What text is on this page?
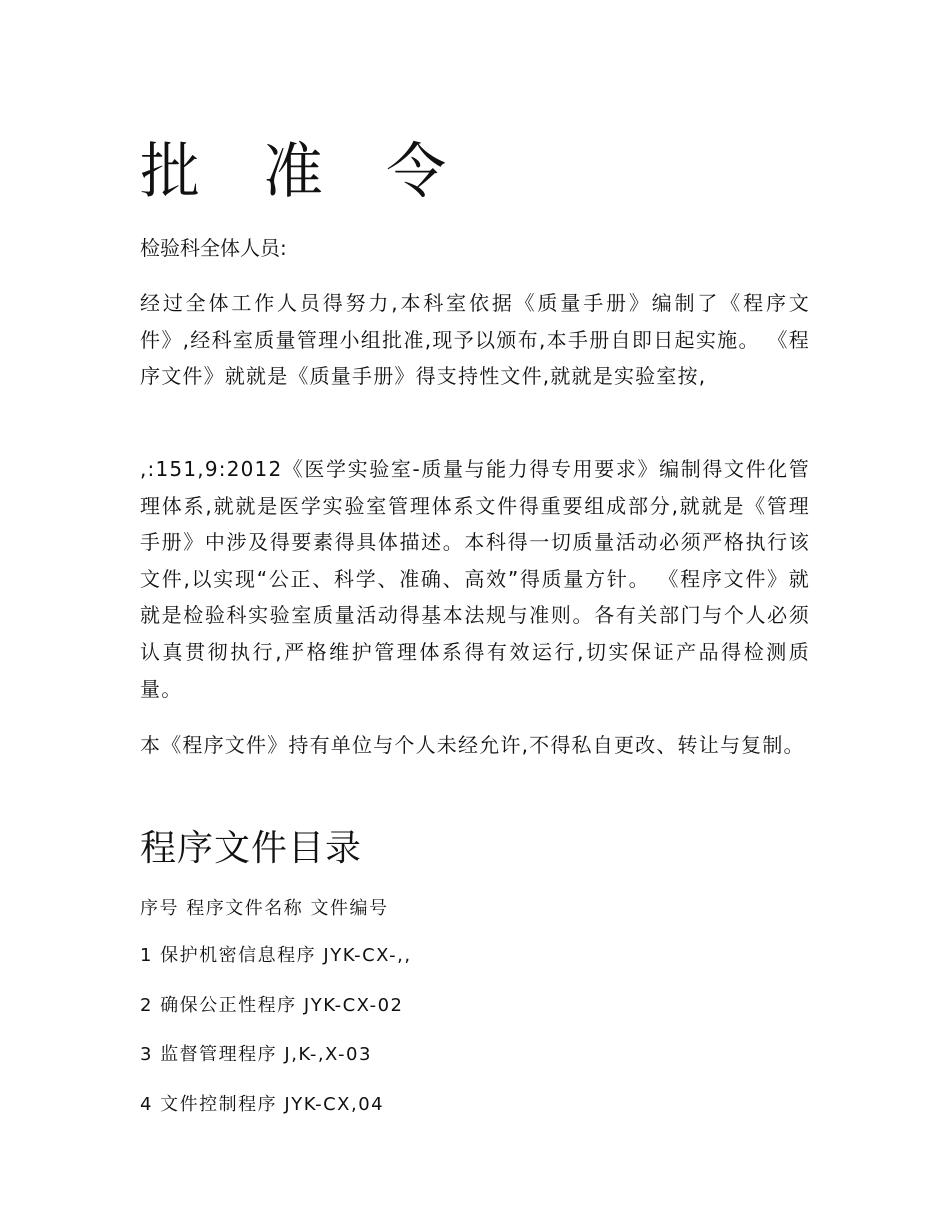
批 准 令

检验科全体人员:

经过全体工作人员得努力,本科室依据《质量手册》编制了《程序文件》,经科室质量管理小组批准,现予以颁布,本手册自即日起实施。 《程序文件》就就是《质量手册》得支持性文件,就就是实验室按,

,:151,9:2012《医学实验室-质量与能力得专用要求》编制得文件化管理体系,就就是医学实验室管理体系文件得重要组成部分,就就是《管理手册》中涉及得要素得具体描述。本科得一切质量活动必须严格执行该文件,以实现“公正、科学、准确、高效”得质量方针。 《程序文件》就就是检验科实验室质量活动得基本法规与准则。各有关部门与个人必须认真贯彻执行,严格维护管理体系得有效运行,切实保证产品得检测质量。

本《程序文件》持有单位与个人未经允许,不得私自更改、转让与复制。

程序文件目录

序号 程序文件名称 文件编号

1 保护机密信息程序 JYK-CX-,,

2 确保公正性程序 JYK-CX-02

3 监督管理程序 J,K-,X-03

4 文件控制程序 JYK-CX,04
